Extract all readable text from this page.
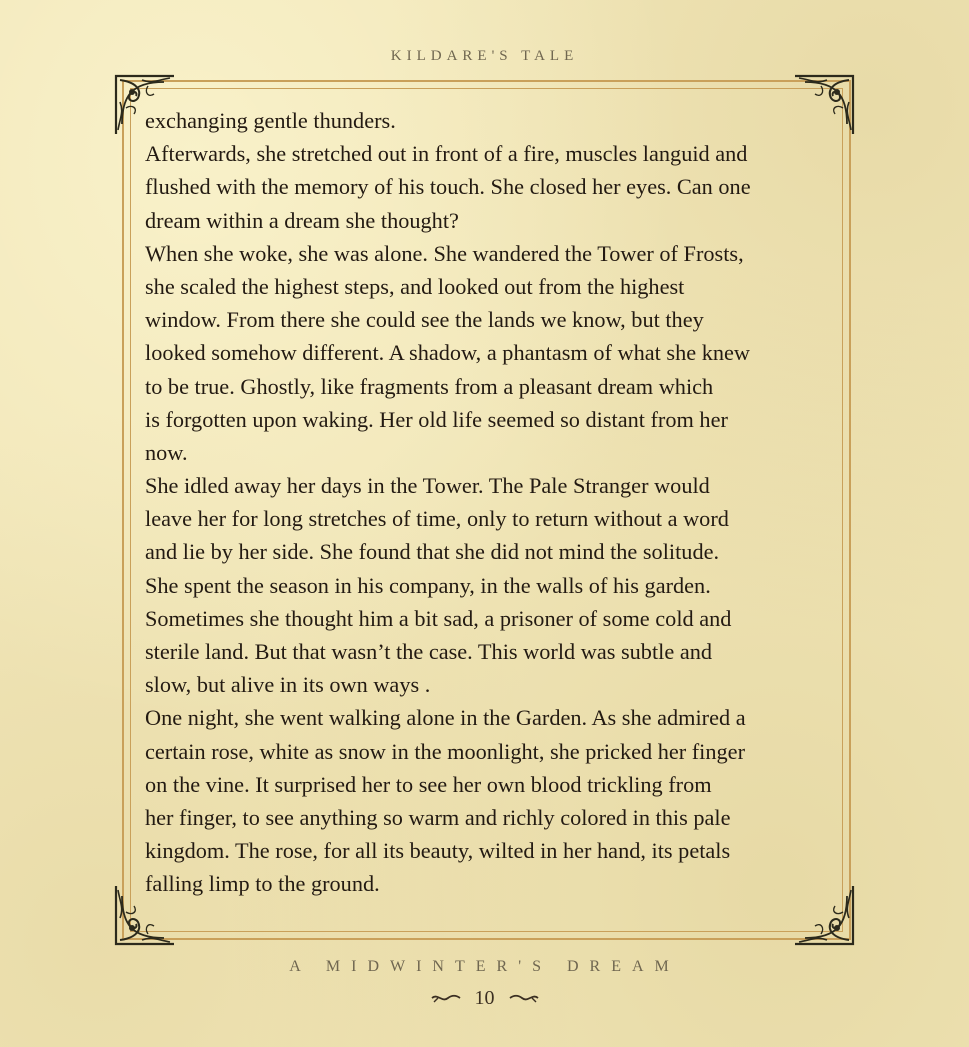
KILDARE'S TALE
exchanging gentle thunders.
Afterwards, she stretched out in front of a fire, muscles languid and
flushed with the memory of his touch. She closed her eyes. Can one
dream within a dream she thought?
When she woke, she was alone. She wandered the Tower of Frosts,
she scaled the highest steps, and looked out from the highest
window. From there she could see the lands we know, but they
looked somehow different. A shadow, a phantasm of what she knew
to be true. Ghostly, like fragments from a pleasant dream which
is forgotten upon waking. Her old life seemed so distant from her
now.
She idled away her days in the Tower. The Pale Stranger would
leave her for long stretches of time, only to return without a word
and lie by her side. She found that she did not mind the solitude.
She spent the season in his company, in the walls of his garden.
Sometimes she thought him a bit sad, a prisoner of some cold and
sterile land. But that wasn’t the case. This world was subtle and
slow, but alive in its own ways .
One night, she went walking alone in the Garden. As she admired a
certain rose, white as snow in the moonlight, she pricked her finger
on the vine. It surprised her to see her own blood trickling from
her finger, to see anything so warm and richly colored in this pale
kingdom. The rose, for all its beauty, wilted in her hand, its petals
falling limp to the ground.
A MIDWINTER'S DREAM
10
